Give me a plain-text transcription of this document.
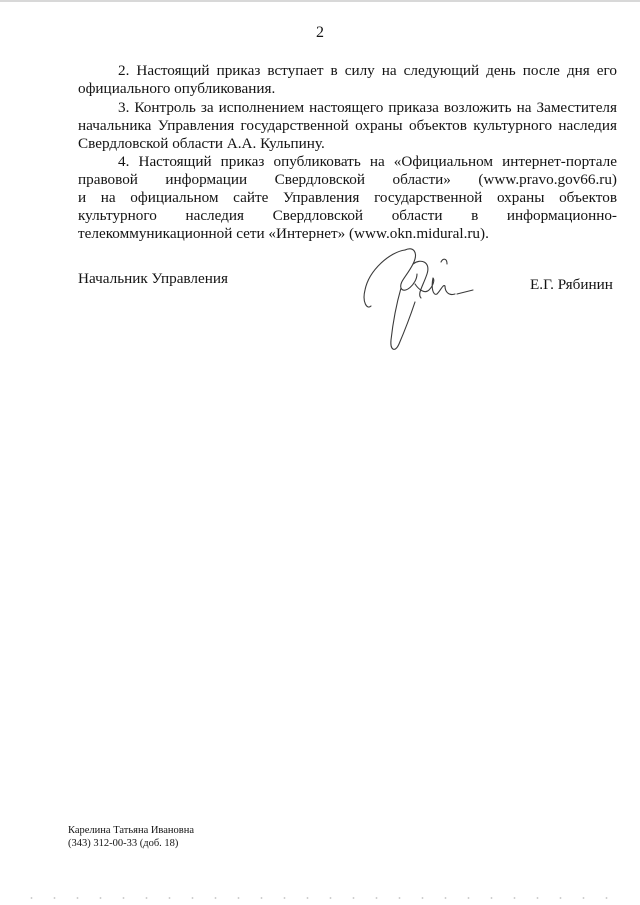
2
2. Настоящий приказ вступает в силу на следующий день после дня его
официального опубликования.
3. Контроль за исполнением настоящего приказа возложить на Заместителя
начальника Управления государственной охраны объектов культурного наследия
Свердловской области А.А. Кульпину.
4. Настоящий приказ опубликовать на «Официальном интернет-портале
правовой информации Свердловской области» (www.pravo.gov66.ru)
и на официальном сайте Управления государственной охраны объектов
культурного наследия Свердловской области в информационно-
телекоммуникационной сети «Интернет» (www.okn.midural.ru).
Начальник Управления	Е.Г. Рябинин
Карелина Татьяна Ивановна
(343) 312-00-33 (доб. 18)
